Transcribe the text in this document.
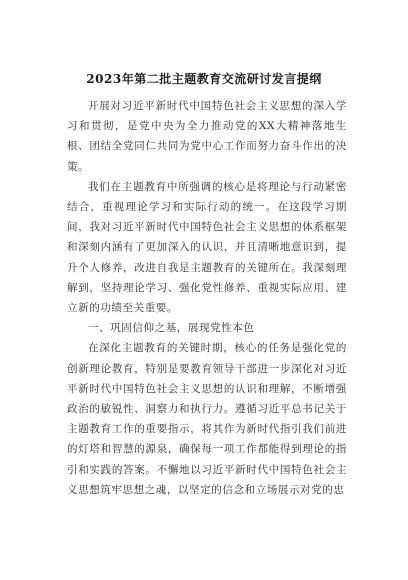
2023年第二批主题教育交流研讨发言提纲

开展对习近平新时代中国特色社会主义思想的深入学习和贯彻，是党中央为全力推动党的XX大精神落地生根、团结全党同仁共同为党中心工作而努力奋斗作出的决策。

我们在主题教育中所强调的核心是将理论与行动紧密结合，重视理论学习和实际行动的统一。在这段学习期间，我对习近平新时代中国特色社会主义思想的体系框架和深刻内涵有了更加深入的认识，并且清晰地意识到，提升个人修养，改进自我是主题教育的关键所在。我深刻理解到，坚持理论学习、强化党性修养、重视实际应用、建立新的功绩至关重要。

一、巩固信仰之基，展现党性本色

在深化主题教育的关键时期，核心的任务是强化党的创新理论教育，特别是要教育领导干部进一步深化对习近平新时代中国特色社会主义思想的认识和理解，不断增强政治的敏锐性、洞察力和执行力。遵循习近平总书记关于主题教育工作的重要指示，将其作为新时代指引我们前进的灯塔和智慧的源泉，确保每一项工作都能得到理论的指引和实践的答案。不懈地以习近平新时代中国特色社会主义思想筑牢思想之魂，以坚定的信念和立场展示对党的忠
